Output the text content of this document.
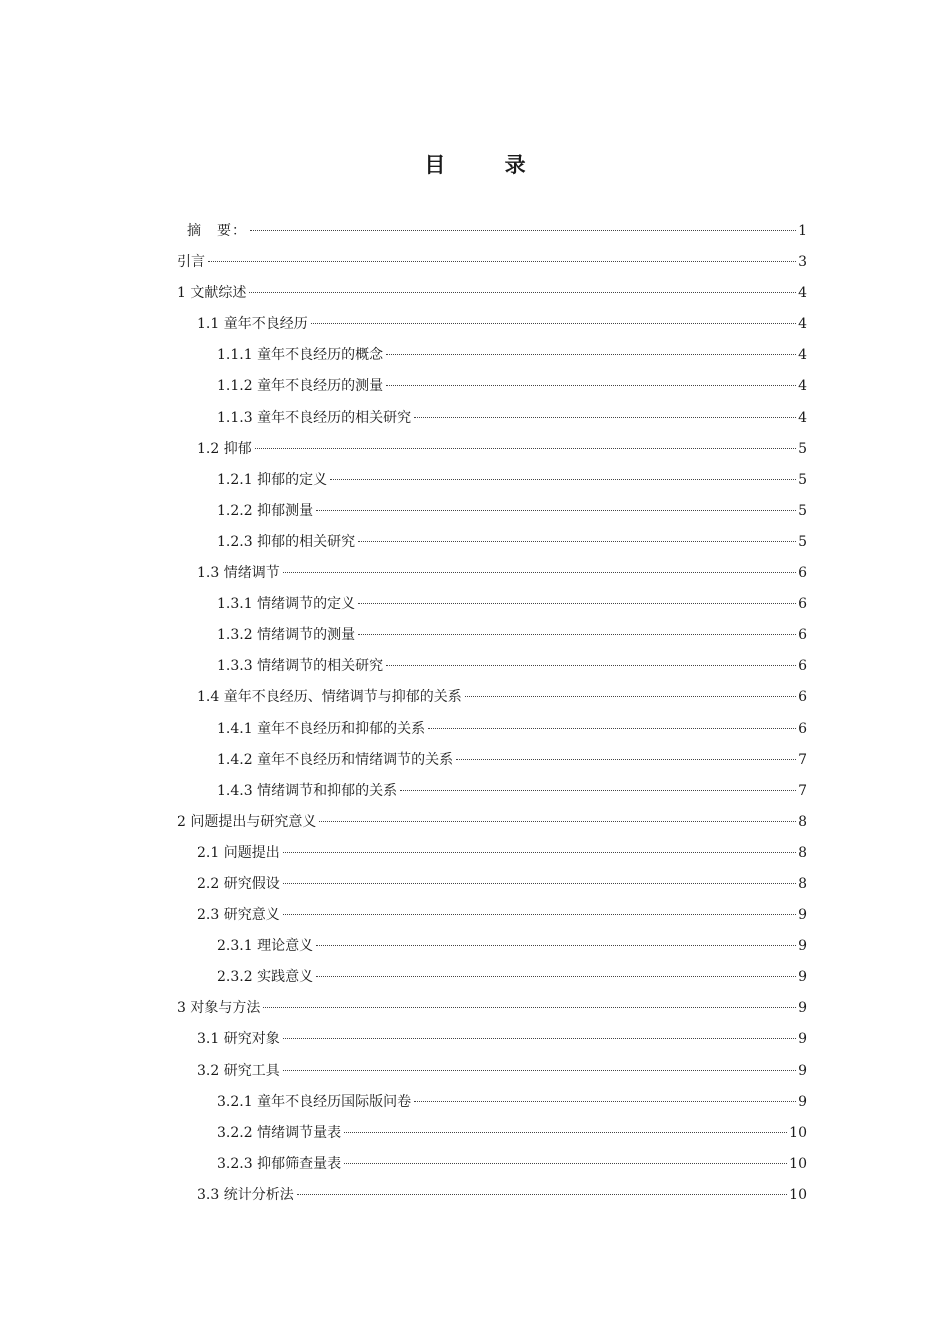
目 录
摘　要：	1
引言	3
1 文献综述	4
1.1 童年不良经历	4
1.1.1 童年不良经历的概念	4
1.1.2 童年不良经历的测量	4
1.1.3 童年不良经历的相关研究	4
1.2 抑郁	5
1.2.1 抑郁的定义	5
1.2.2 抑郁测量	5
1.2.3 抑郁的相关研究	5
1.3 情绪调节	6
1.3.1 情绪调节的定义	6
1.3.2 情绪调节的测量	6
1.3.3 情绪调节的相关研究	6
1.4 童年不良经历、情绪调节与抑郁的关系	6
1.4.1 童年不良经历和抑郁的关系	6
1.4.2 童年不良经历和情绪调节的关系	7
1.4.3 情绪调节和抑郁的关系	7
2 问题提出与研究意义	8
2.1 问题提出	8
2.2 研究假设	8
2.3 研究意义	9
2.3.1 理论意义	9
2.3.2 实践意义	9
3 对象与方法	9
3.1 研究对象	9
3.2 研究工具	9
3.2.1 童年不良经历国际版问卷	9
3.2.2 情绪调节量表	10
3.2.3 抑郁筛查量表	10
3.3 统计分析法	10
